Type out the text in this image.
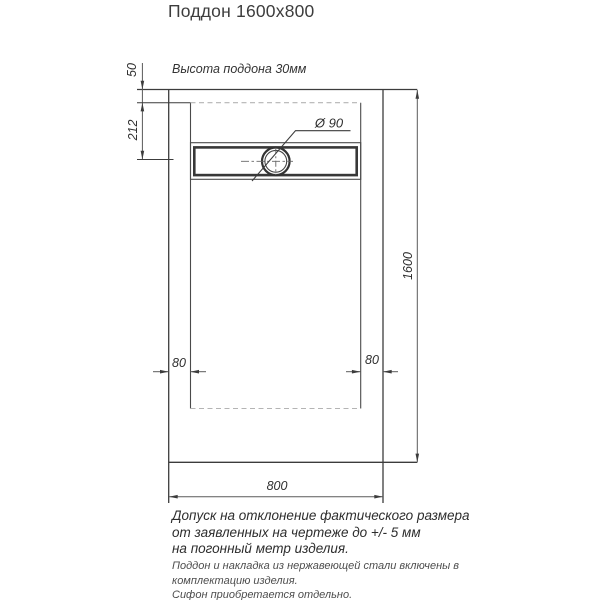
Поддон 1600х800
Высота поддона 30мм
50
212
1600
Ø 90
80	80
800
Допуск на отклонение фактического размера
от заявленных на чертеже до +/- 5 мм
на погонный метр изделия.
Поддон и накладка из нержавеющей стали включены в
комплектацию изделия.
Сифон приобретается отдельно.
